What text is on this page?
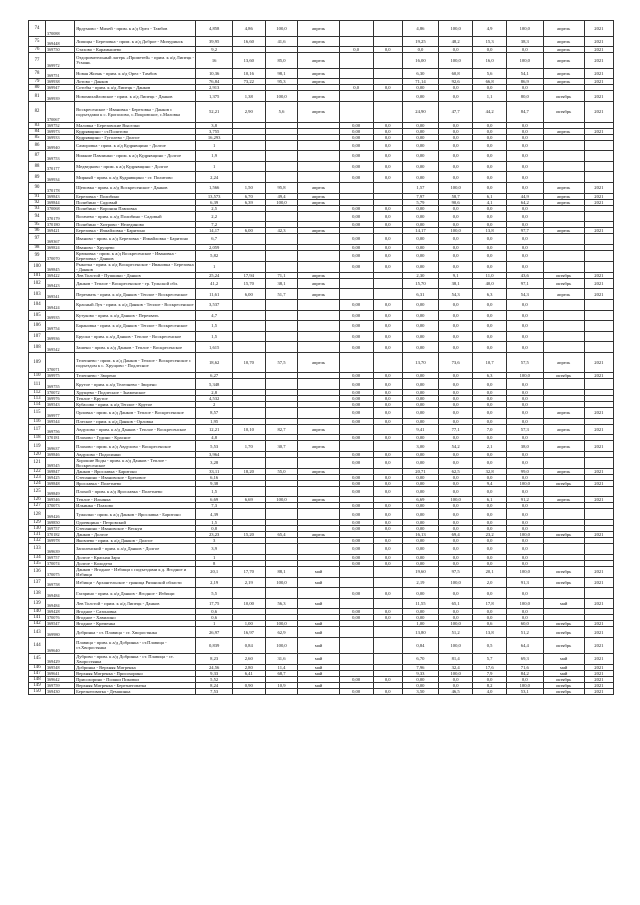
74	370088	Ярдумово - Михей - прим. к а/д Орел - Тамбов	4,858	4,86	100,0	апрель			4,86	100,0	4,9	100,0	апрель	2021
75	369448	Липицы - Березовка - прим. к а/д Доброе - Мичуринск	39,95	16,60	41,6	апрель			19,25	48,2	15,3	38,3	апрель	2021
76	369750	Стахово - Карамышево	9,2				0,0	0,0	0,0	0,0	0,0	0,0	апрель	2021
77	369972	Оздоровительный лагерь «Прометей» - прим. к а/д Липецк - Усмань	16	13,60	85,0	апрель			16,00	100,0	16,0	100,0	апрель	2021
78	369751	Новая Жизнь - прим. к а/д Орел - Тамбов	10,36	10,16	98,1	апрель			6,30	60,8	5,6	54,1	апрель	2021
79	369938	Лотово - Данков	76,84	73,22	95,3	апрель			71,14	92,6	66,8	86,9	апрель	2021
80	369947	Сотобы - прим. к а/д Липецк - Данков	2,913				0,0	0,0	0,00	0,0	0,0	0,0		
81	369939	Новомихайловское - прим. к а/д Липецк - Данков	1,375	1,38	100,0	апрель			0,00	0,0	1,1	80,0	октябрь	2021
82	370067	Воскресенское - Ивановка - Березовка - Данков с подъездами к с. Ерополово, с.Покровское, с.Маловка	52,21	2,90	5,6	апрель			24,90	47,7	44,2	84,7	октябрь	2021
83	369752	Маловка - Березовские Выселки	3,8				0,00	0,0	0,00	0,0	0,0	0,0		
84	369973	Кудрявщино - ст.Политово	3,755				0,00	0,0	0,00	0,0	0,0	0,0	апрель	2021
85	369933	Кудрявщино - Гуголево - Долгое	16,293				0,00	0,0	0,00	0,0	0,0	0,0		
86	369940	Саморовка - прим. к а/д Кудрявщино - Долгое	1				0,00	0,0	0,00	0,0	0,0	0,0		
87	369753	Нижние Павлинки - прим. к а/д Кудрявщино - Долгое	1,9				0,00	0,0	0,00	0,0	0,0	0,0		
88	370177	Медведково - прим. к а/д Кудрявщино - Долгое	1				0,00	0,0	0,00	0,0	0,0	0,0		
89	369934	Мирный - прим. к а/д Кудрявщино - ст. Политово	2,24				0,00	0,0	0,00	0,0	0,0	0,0		
90	370178	Щеповка - прим. к а/д Воскресенское - Данков	1,566	1,50	95,8	апрель			1,57	100,0	0,0	0,0	апрель	2021
91	369843	Березовка - Полибино	13,573	6,70	49,4	апрель			7,97	58,7	6,1	44,9	апрель	2021
92	369844	Полибино - Садовый	6,39	6,39	100,0	апрель			5,79	90,6	4,1	64,2	апрель	2021
93	370068	Полибино - Воронин Павловка	2,5				0,00	0,0	0,00	0,0	0,0	0,0		
94	370179	Вогачево - прим. к а/д Полибино - Садовый	2,2				0,00	0,0	0,00	0,0	0,0	0,0		
95	370180	Полибино - Хитрово - Нелединово	7,2				0,00	0,0	0,00	0,0	0,0	0,0		
96	369421	Березовка - Измайловка - Баритоно	14,17	6,00	42,3	апрель			14,17	100,0	13,8	97,7	апрель	2021
97	369367	Иваново - прим. к а/д Березовка - Измайловка - Баритоно	6,7				0,00	0,0	0,00	0,0	0,0	0,0		
98	369824	Иваново - Хрущево	2,059				0,00	0,0	0,00	0,0	0,0	0,0		
99	370070	Крюковка - прим. к а/д Воскресенское - Ивановка - Березовка - Данков	5,82				0,00	0,0	0,00	0,0	0,0	0,0		
100	369845	Рыкотка - прим. к а/д Воскресенское - Ивановка - Березовка - Данков	1				0,00	0,0	0,00	0,0	0,0	0,0		
101	369422	Лев Толстой - Пушкино - Данков	25,24	17,94	71,1	апрель			2,30	9,1	11,0	43,6	октябрь	2021
102	369423	Данков - Теплое - Воскресенское - гр. Тульской обл.	41,2	15,70	38,1	апрель			15,70	38,1	40,0	97,1	октябрь	2021
103	369541	Перехвать - прим. к а/д Данков - Теплое - Воскресенское	11,61	6,00	51,7	апрель			6,31	54,3	6,3	54,3	апрель	2021
104	369424	Красный Луч - прим. к а/д Данков - Теплое - Воскресенское	3,537				0,00	0,0	0,00	0,0	0,0	0,0		
105	369935	Кутуково - прим. к а/д Данков - Перехвать	4,7				0,00	0,0	0,00	0,0	0,0	0,0		
106	369754	Барановка - прим. к а/д Данков - Теплое - Воскресенское	1,5				0,00	0,0	0,00	0,0	0,0	0,0		
107	369936	Бруски - прим. к а/д Данков - Теплое - Воскресенское	1,5				0,00	0,0	0,00	0,0	0,0	0,0		
108	369542	Зашено - прим. к а/д Данков - Теплое - Воскресенское	1,615				0,00	0,0	0,00	0,0	0,0	0,0		
109	370071	Телепнево - прим. к а/д Данков - Теплое - Воскресенское с подъездом к с. Хрущово - Подлесное	18,62	10,70	57,5	апрель			13,70	73,6	10,7	57,5	апрель	2021
110	369975	Телепнево - Зворено	6,27				0,00	0,0	0,00	0,0	6,3	100,0	октябрь	2021
111	369755	Крутое - прим. к а/д Телепнево - Зворено	5,348				0,00	0,0	0,00	0,0	0,0	0,0		
112	370072	Хрущево - Подлесное - Знаменское	2,8				0,00	0,0	0,00	0,0	0,0	0,0		
113	369976	Теплое - Крутое	4,532				0,00	0,0	0,00	0,0	0,0	0,0		
114	369543	Кубасово - прим. к а/д Теплое - Крутое	2				0,00	0,0	0,00	0,0	0,0	0,0		
115	369977	Орловка - прим. к а/д Данков - Теплое - Воскресенское	8,57				0,00	0,0	0,00	0,0	0,0	0,0	апрель	2021
116	369544	Плеское - прим. к а/д Данков - Орловка	1,95				0,00	0,0	0,00	0,0	0,0	0,0		
117	369756	Авдулово - прим. к а/д Данков - Теплое - Воскресенское	12,21	10,10	82,7	апрель			9,41	77,1	7,0	57,3	апрель	2021
118	370181	Плахово - Гудино - Красное	4,8				0,00	0,0	0,00	0,0	0,0	0,0		
119	369637	Плахово - прим. к а/д Авдулово - Воскресенское	5,53	1,70	30,7	апрель			3,00	54,2	2,1	38,0	апрель	2021
120	369846	Авдулово - Подосинки	3,964				0,00	0,0	0,00	0,0	0,0	0,0		
121	369545	Хорошие Воды - прим. к а/д Данков - Теплое - Воскресенское	3,28				0,00	0,0	0,00	0,0	0,0	0,0		
122	369847	Данков - Ярославка - Баритоно	33,11	18,20	55,0	апрель			20,71	62,5	32,8	99,0	апрель	2021
123	369425	Степанино - Ивановское - Бреховое	6,16				0,00	0,0	0,00	0,0	0,0	0,0		
124	369848	Ярославка - Полетнево	9,38				0,00	0,0	0,00	0,0	9,4	100,0	октябрь	2021
125	369849	Плохой - прим. к а/д Ярославка - Полетнево	1,5				0,00	0,0	0,00	0,0	0,0	0,0		
126	369546	Теплое - Ильинка	6,69	6,69	100,0	апрель			6,69	100,0	6,1	91,2	апрель	2021
127	370073	Ильинка - Плахово	7,3				0,00	0,0	0,00	0,0	0,0	0,0		
128	369426	Тужилки - прим. к а/д Данков - Ярославка - Баритоно	4,39				0,00	0,0	0,00	0,0	0,0	0,0		
129	369850	Одоевщина - Петровский	1,5				0,00	0,0	0,00	0,0	0,0	0,0		
130	369757	Степанино - Ивановское - Веснуи	0,8				0,00	0,0	0,00	0,0	0,0	0,0		
131	370182	Данков - Долгое	23,23	15,20	65,4	апрель			16,13	69,4	23,2	100,0	октябрь	2021
132	369978	Яковлево - прим. к а/д Данков - Долгое	3				0,00	0,0	0,00	0,0	0,0	0,0		
133	369639	Заполенский - прим. к а/д Данков - Долгое	3,9				0,00	0,0	0,00	0,0	0,0	0,0		
134	369757	Долгое - Красная Заря	1				0,00	0,0	0,00	0,0	0,0	0,0		
135	370074	Долгое - Колодези	8				0,00	0,0	0,00	0,0	0,0	0,0		
136	370075	Данков - Ягодное - Избищи с подъездами к д. Ягодное и Избищи	20,1	17,70	88,1	май			19,60	97,5	20,1	100,0	октябрь	2021
137	369758	Избищи - Архангельское - граница Рязанской области	2,19	2,19	100,0	май			2,19	100,0	2,0	91,3	октябрь	2021
138	369484	Гагарино - прим. к а/д Данков - Ягодное - Избищи	5,5				0,00	0,0	0,00	0,0	0,0	0,0		
139	369484	Лев Толстой - прим. к а/д Липецк - Данков	17,75	10,00	56,3	май			11,55	65,1	17,8	100,0	май	2021
140	369428	Ягодное - Сазоновка	0,6				0,00	0,0	0,00	0,0	0,0	0,0		
141	370076	Ягодное - Хавилино	0,6				0,00	0,0	0,00	0,0	0,0	0,0		
142	369547	Ягодное - Кременка	1	1,00	100,0	май			1,00	100,0	0,6	60,0	октябрь	2021
143	369980	Добринка - ст. Плавица - ст. Хворостянка	26,97	16,97	62,9	май			13,80	51,2	13,8	51,2	октябрь	2021
144	369640	Плавица - прим. к а/д Добринка - ст.Плавица - ст.Хворостянка	0,839	0,84	100,0	май			0,84	100,0	0,5	64,4	октябрь	2021
145	369429	Дуброво - прим. к а/д Добринка - ст. Плавица - ст. Хворостянка	8,23	2,60	31,6	май			6,70	81,4	5,7	69,3	май	2021
146	369548	Добринка - Верхняя Матренка	24,56	2,80	11,4	май			7,96	32,4	17,6	71,6	май	2021
147	369641	Верхняя Матренка - Присохорино	9,33	6,41	68,7	май			9,33	100,0	7,9	84,2	май	2021
148	369642	Присохорино - Поляки Пиковки	5,52				0,00	0,0	0,00	0,0	0,0	0,0	октябрь	2021
149	369759	Верхняя Матренка - Березнеговатка	8,24	0,90	10,9	май			0,00	0,0	8,2	100,0	октябрь	2021
150	369430	Березнеговатка - Демшинка	7,53				0,00	0,0	3,50	46,5	4,0	53,1	октябрь	2021
